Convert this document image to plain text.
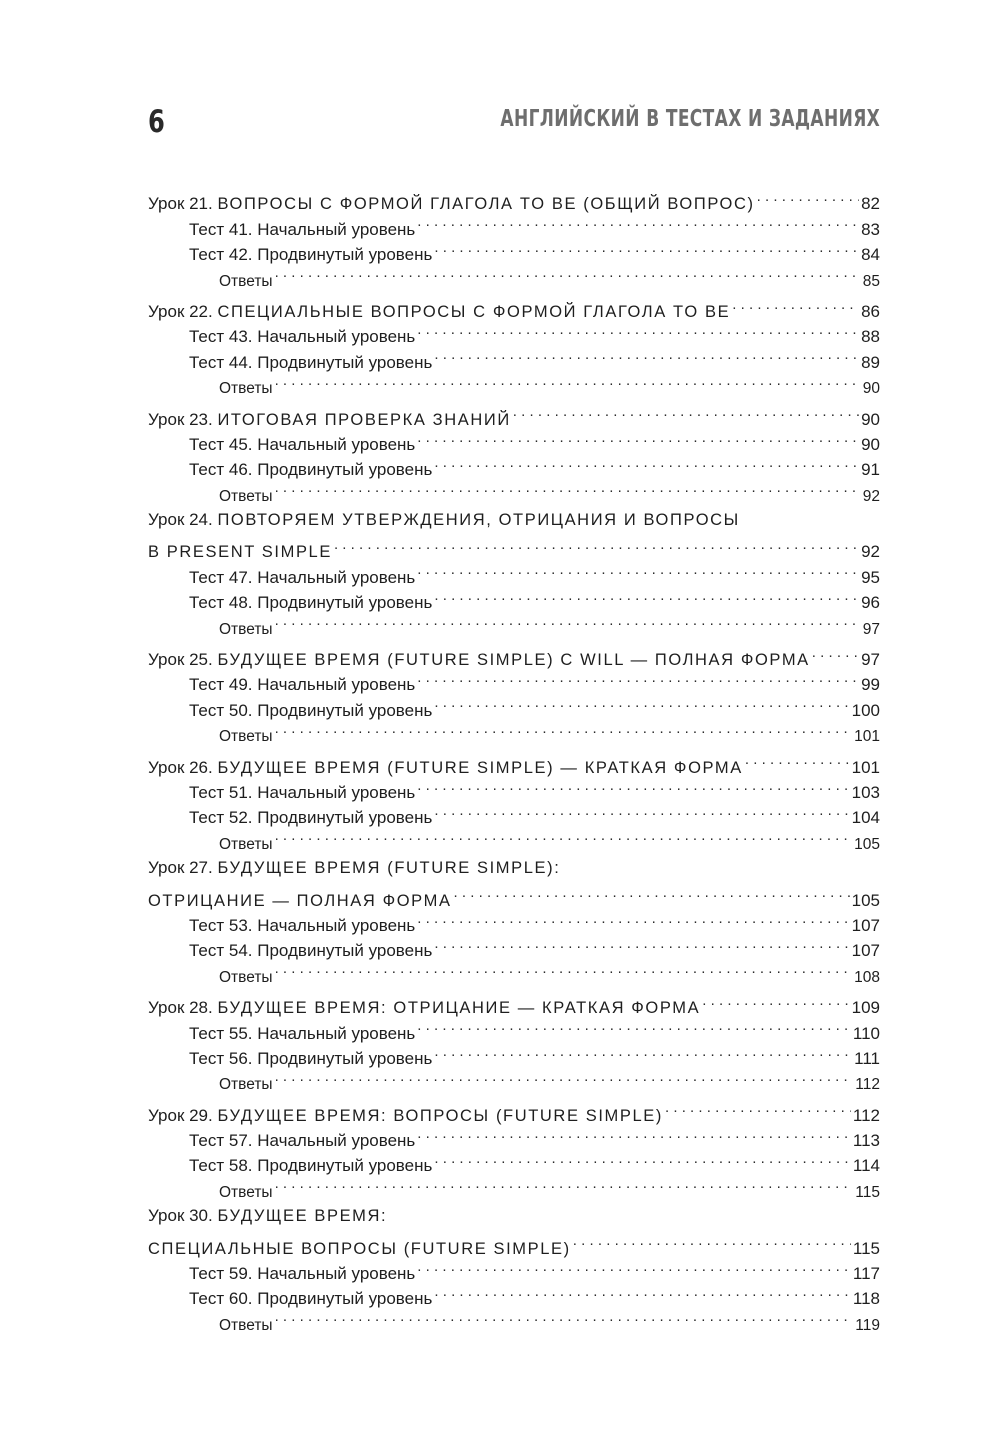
6	АНГЛИЙСКИЙ В ТЕСТАХ И ЗАДАНИЯХ
Урок 21. ВОПРОСЫ С ФОРМОЙ ГЛАГОЛА TO BE (ОБЩИЙ ВОПРОС) .....	82
Тест 41. Начальный уровень .....	83
Тест 42. Продвинутый уровень .....	84
Ответы .....	85
Урок 22. СПЕЦИАЛЬНЫЕ ВОПРОСЫ С ФОРМОЙ ГЛАГОЛА TO BE .....	86
Тест 43. Начальный уровень .....	88
Тест 44. Продвинутый уровень .....	89
Ответы .....	90
Урок 23. ИТОГОВАЯ ПРОВЕРКА ЗНАНИЙ .....	90
Тест 45. Начальный уровень .....	90
Тест 46. Продвинутый уровень .....	91
Ответы .....	92
Урок 24. ПОВТОРЯЕМ УТВЕРЖДЕНИЯ, ОТРИЦАНИЯ И ВОПРОСЫ
В PRESENT SIMPLE .....	92
Тест 47. Начальный уровень .....	95
Тест 48. Продвинутый уровень .....	96
Ответы .....	97
Урок 25. БУДУЩЕЕ ВРЕМЯ (FUTURE SIMPLE) С WILL — ПОЛНАЯ ФОРМА .....	97
Тест 49. Начальный уровень .....	99
Тест 50. Продвинутый уровень .....	100
Ответы .....	101
Урок 26. БУДУЩЕЕ ВРЕМЯ (FUTURE SIMPLE) — КРАТКАЯ ФОРМА .....	101
Тест 51. Начальный уровень .....	103
Тест 52. Продвинутый уровень .....	104
Ответы .....	105
Урок 27. БУДУЩЕЕ ВРЕМЯ (FUTURE SIMPLE):
ОТРИЦАНИЕ — ПОЛНАЯ ФОРМА .....	105
Тест 53. Начальный уровень .....	107
Тест 54. Продвинутый уровень .....	107
Ответы .....	108
Урок 28. БУДУЩЕЕ ВРЕМЯ: ОТРИЦАНИЕ — КРАТКАЯ ФОРМА .....	109
Тест 55. Начальный уровень .....	110
Тест 56. Продвинутый уровень .....	111
Ответы .....	112
Урок 29. БУДУЩЕЕ ВРЕМЯ: ВОПРОСЫ (FUTURE SIMPLE) .....	112
Тест 57. Начальный уровень .....	113
Тест 58. Продвинутый уровень .....	114
Ответы .....	115
Урок 30. БУДУЩЕЕ ВРЕМЯ:
СПЕЦИАЛЬНЫЕ ВОПРОСЫ (FUTURE SIMPLE) .....	115
Тест 59. Начальный уровень .....	117
Тест 60. Продвинутый уровень .....	118
Ответы .....	119
